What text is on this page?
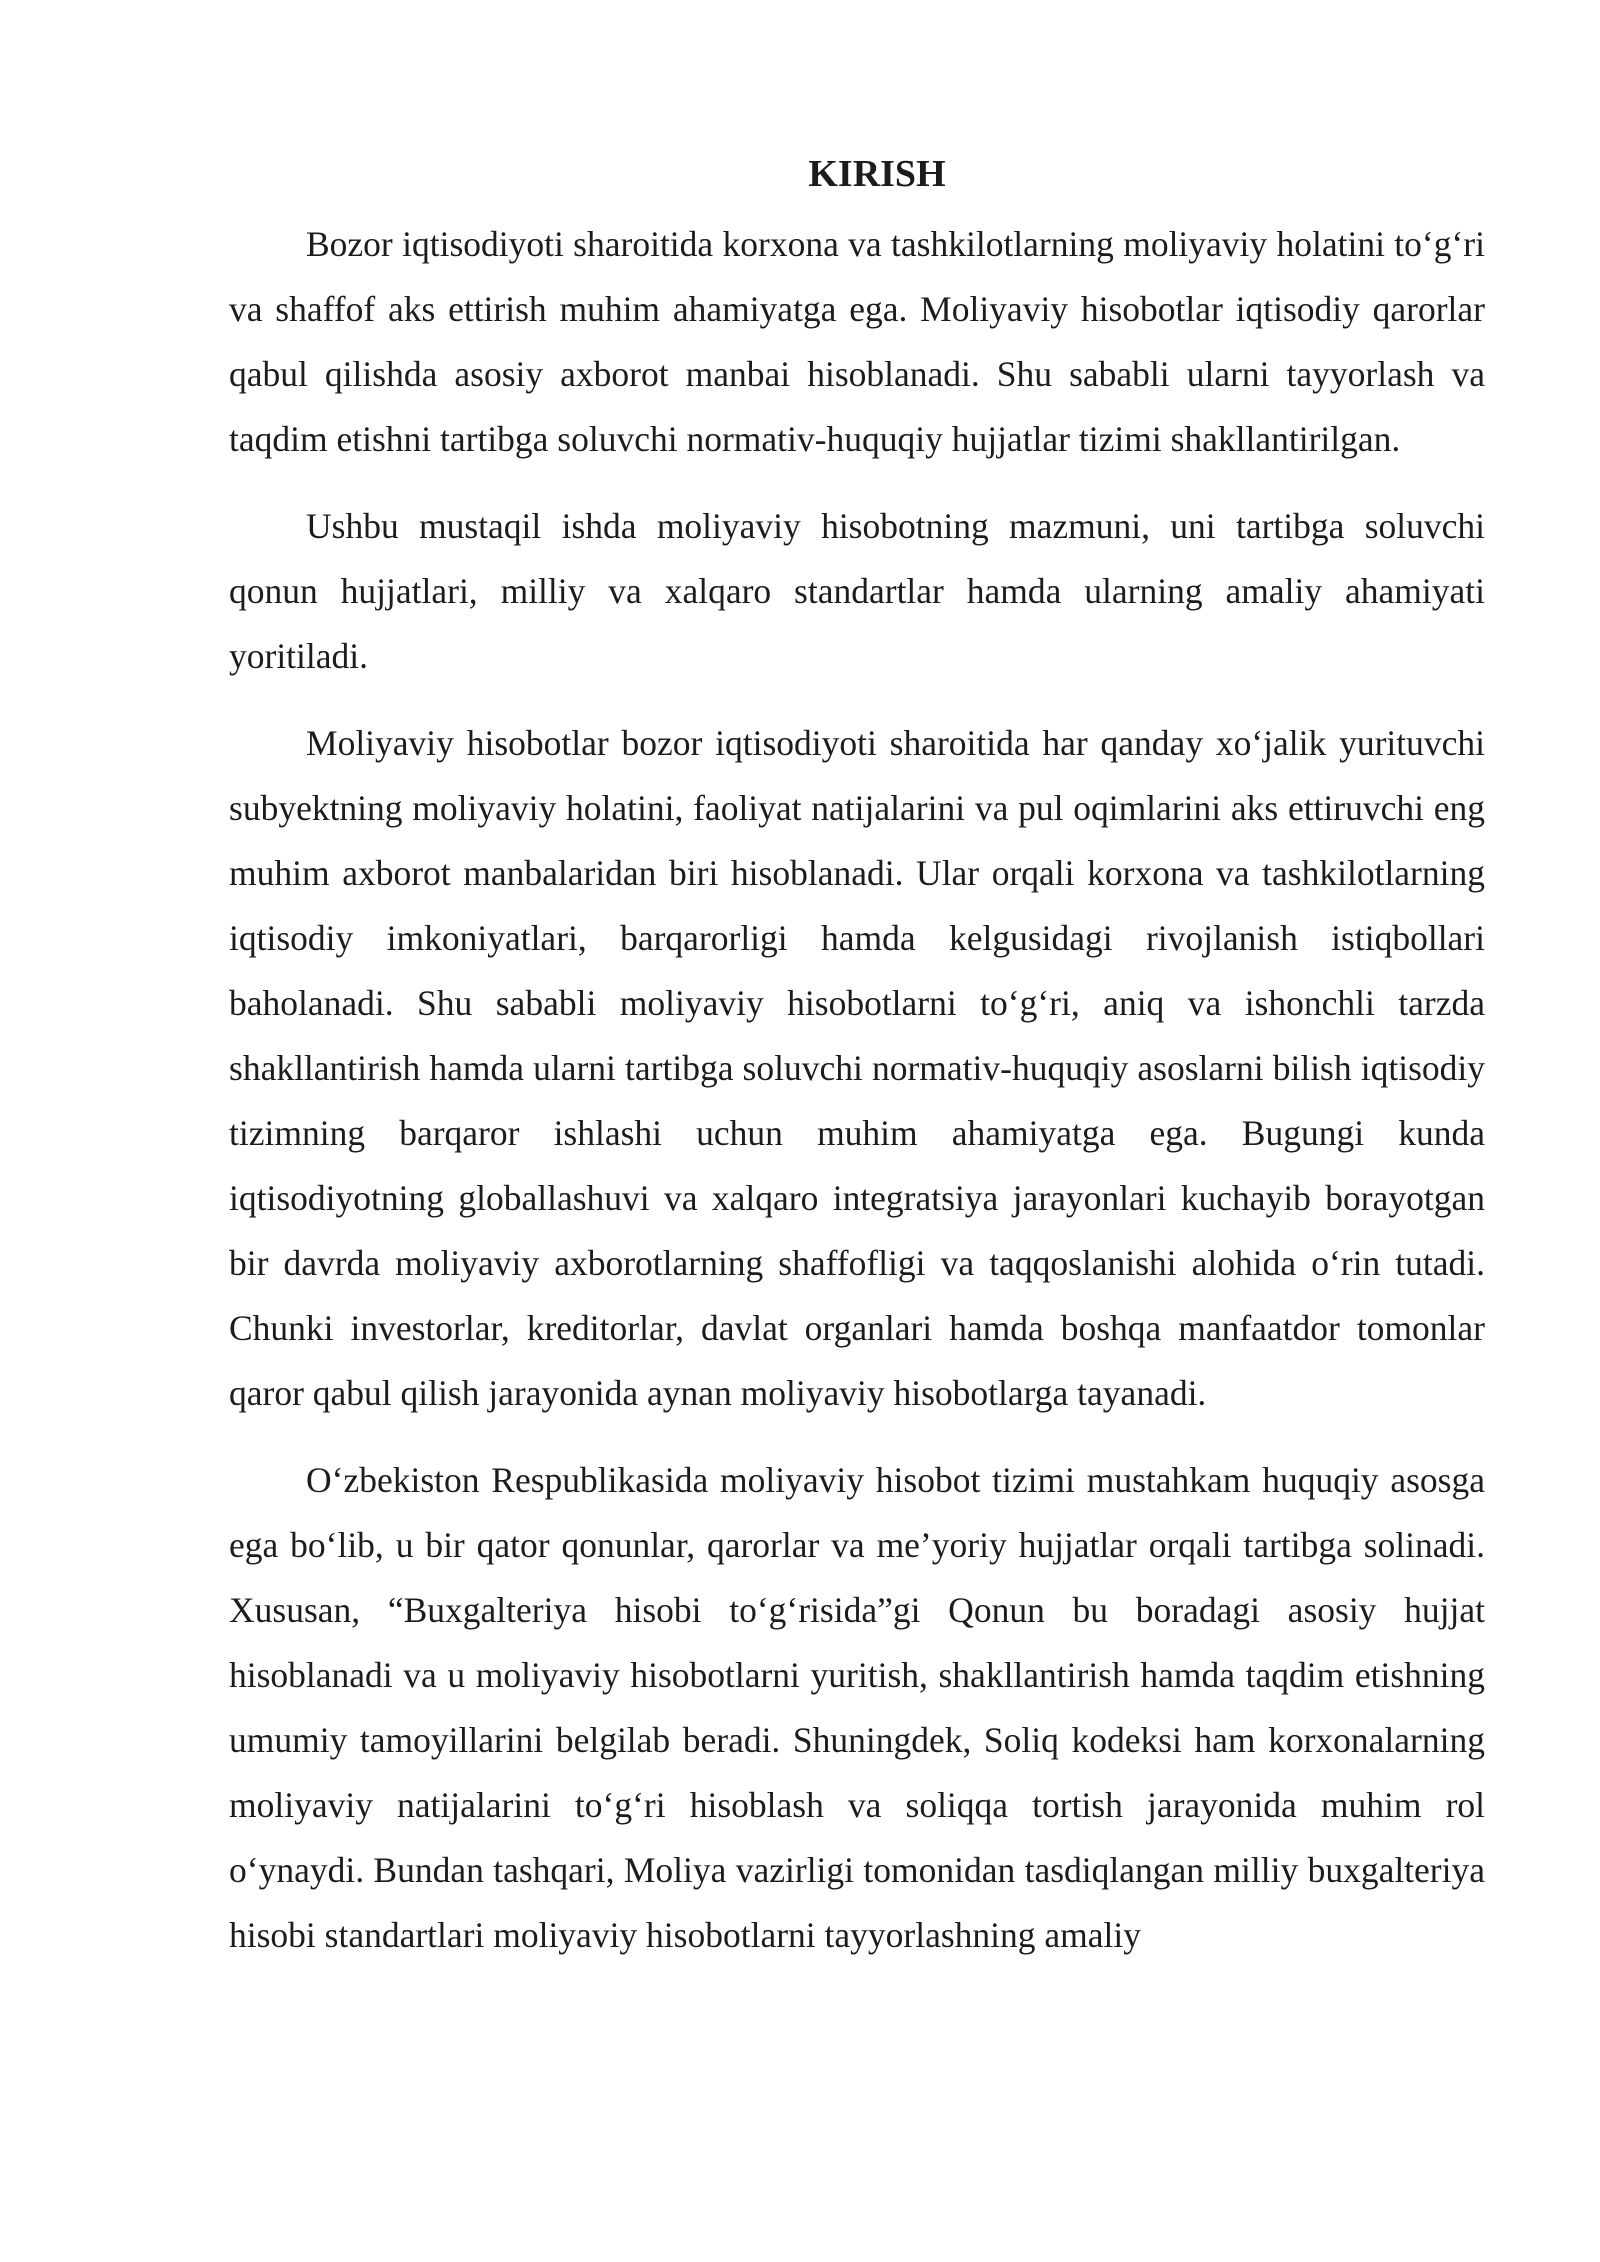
KIRISH

Bozor iqtisodiyoti sharoitida korxona va tashkilotlarning moliyaviy holatini to‘g‘ri va shaffof aks ettirish muhim ahamiyatga ega. Moliyaviy hisobotlar iqtisodiy qarorlar qabul qilishda asosiy axborot manbai hisoblanadi. Shu sababli ularni tayyorlash va taqdim etishni tartibga soluvchi normativ-huquqiy hujjatlar tizimi shakllantirilgan.

Ushbu mustaqil ishda moliyaviy hisobotning mazmuni, uni tartibga soluvchi qonun hujjatlari, milliy va xalqaro standartlar hamda ularning amaliy ahamiyati yoritiladi.

Moliyaviy hisobotlar bozor iqtisodiyoti sharoitida har qanday xo‘jalik yurituvchi subyektning moliyaviy holatini, faoliyat natijalarini va pul oqimlarini aks ettiruvchi eng muhim axborot manbalaridan biri hisoblanadi. Ular orqali korxona va tashkilotlarning iqtisodiy imkoniyatlari, barqarorligi hamda kelgusidagi rivojlanish istiqbollari baholanadi. Shu sababli moliyaviy hisobotlarni to‘g‘ri, aniq va ishonchli tarzda shakllantirish hamda ularni tartibga soluvchi normativ-huquqiy asoslarni bilish iqtisodiy tizimning barqaror ishlashi uchun muhim ahamiyatga ega. Bugungi kunda iqtisodiyotning globallashuvi va xalqaro integratsiya jarayonlari kuchayib borayotgan bir davrda moliyaviy axborotlarning shaffofligi va taqqoslanishi alohida o‘rin tutadi. Chunki investorlar, kreditorlar, davlat organlari hamda boshqa manfaatdor tomonlar qaror qabul qilish jarayonida aynan moliyaviy hisobotlarga tayanadi.

O‘zbekiston Respublikasida moliyaviy hisobot tizimi mustahkam huquqiy asosga ega bo‘lib, u bir qator qonunlar, qarorlar va me’yoriy hujjatlar orqali tartibga solinadi. Xususan, “Buxgalteriya hisobi to‘g‘risida”gi Qonun bu boradagi asosiy hujjat hisoblanadi va u moliyaviy hisobotlarni yuritish, shakllantirish hamda taqdim etishning umumiy tamoyillarini belgilab beradi. Shuningdek, Soliq kodeksi ham korxonalarning moliyaviy natijalarini to‘g‘ri hisoblash va soliqqa tortish jarayonida muhim rol o‘ynaydi. Bundan tashqari, Moliya vazirligi tomonidan tasdiqlangan milliy buxgalteriya hisobi standartlari moliyaviy hisobotlarni tayyorlashning amaliy
